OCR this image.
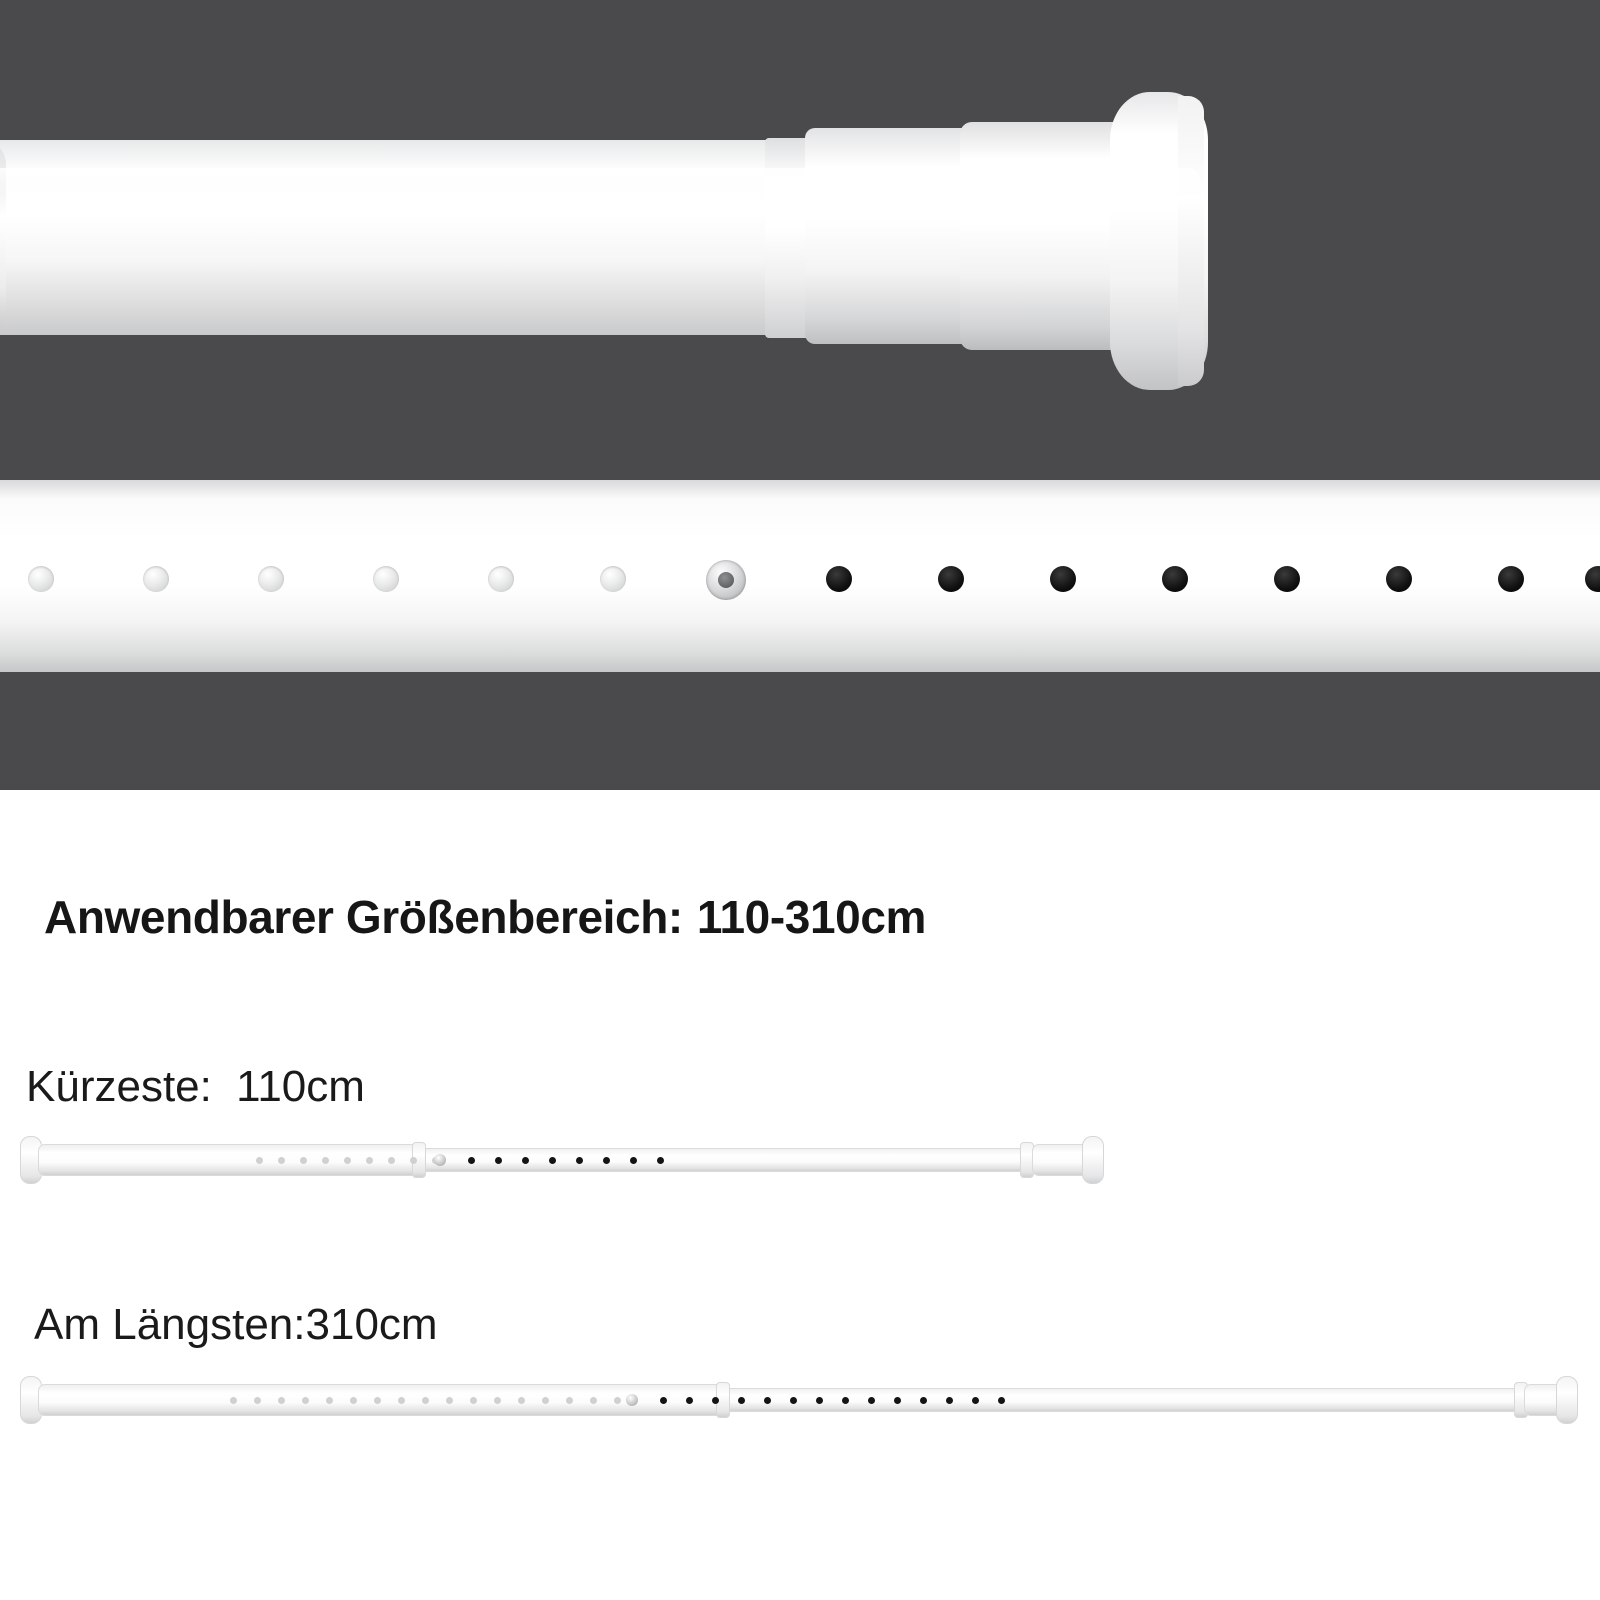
Anwendbarer Größenbereich: 110-310cm
Kürzeste: 110cm
Am Längsten:310cm
